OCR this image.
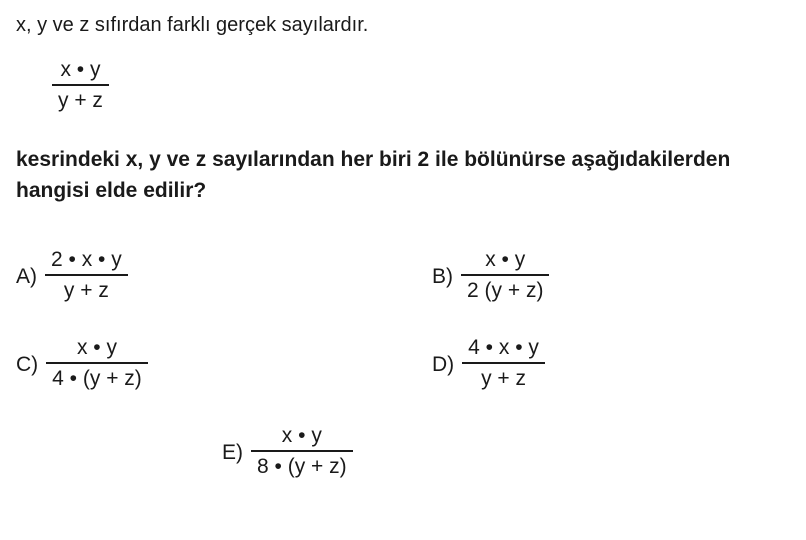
x, y ve z sıfırdan farklı gerçek sayılardır.
$\frac{x • y}{y + z}$
kesrindeki x, y ve z sayılarından her biri 2 ile bölünürse aşağıdakilerden hangisi elde edilir?
$A) \frac{2 • x • y}{y + z}$	$B) \frac{x • y}{2 (y + z)}$
$C) \frac{x • y}{4 • (y + z)}$	$D) \frac{4 • x • y}{y + z}$
$E) \frac{x • y}{8 • (y + z)}$
